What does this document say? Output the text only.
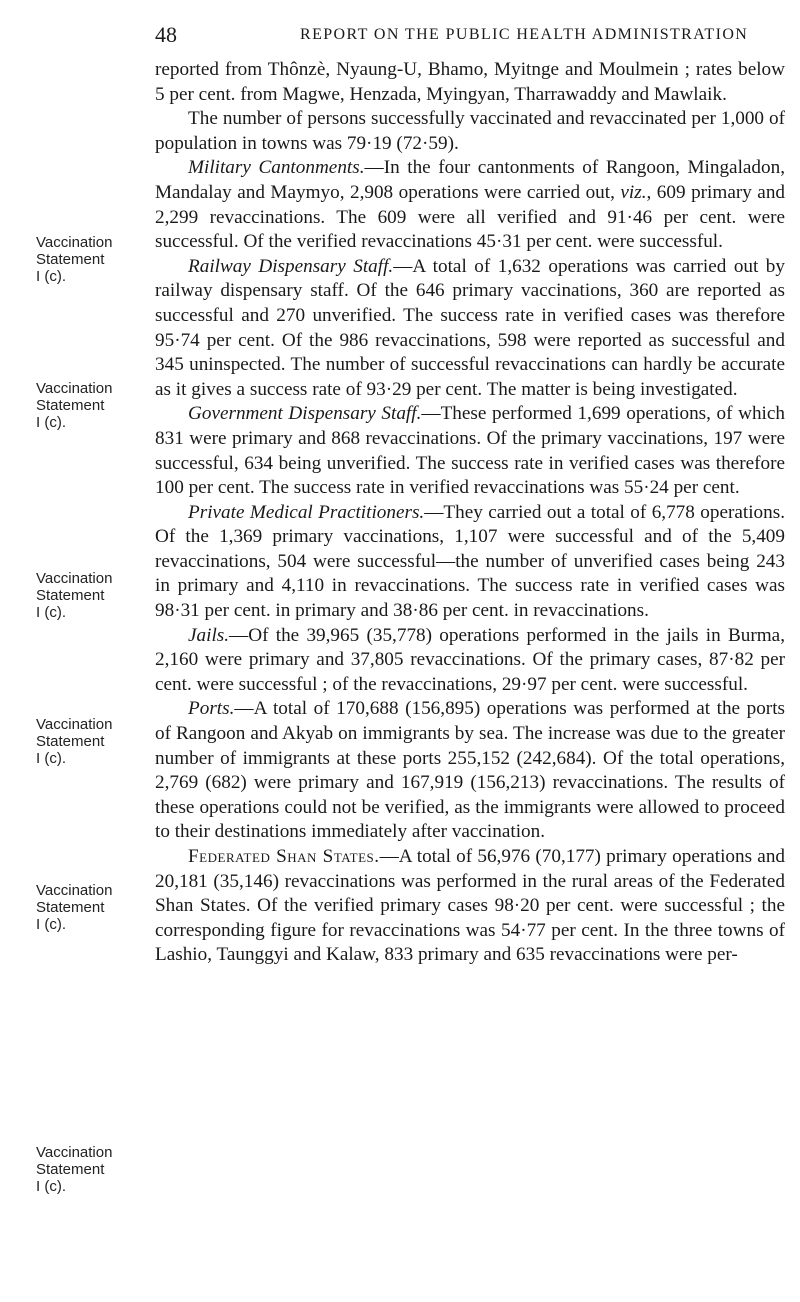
48	REPORT ON THE PUBLIC HEALTH ADMINISTRATION
Vaccination
Statement
I (c).
Vaccination
Statement
I (c).
Vaccination
Statement
I (c).
Vaccination
Statement
I (c).
Vaccination
Statement
I (c).
Vaccination
Statement
I (c).

reported from Thônzè, Nyaung-U, Bhamo, Myitnge and Moulmein ; rates below 5 per cent. from Magwe, Henzada, Myingyan, Tharrawaddy and Mawlaik.

The number of persons successfully vaccinated and revaccinated per 1,000 of population in towns was 79·19 (72·59).

Military Cantonments.—In the four cantonments of Rangoon, Mingaladon, Mandalay and Maymyo, 2,908 operations were carried out, viz., 609 primary and 2,299 revaccinations. The 609 were all verified and 91·46 per cent. were successful. Of the verified revaccinations 45·31 per cent. were successful.

Railway Dispensary Staff.—A total of 1,632 operations was carried out by railway dispensary staff. Of the 646 primary vaccinations, 360 are reported as successful and 270 unverified. The success rate in verified cases was therefore 95·74 per cent. Of the 986 revaccinations, 598 were reported as successful and 345 uninspected. The number of successful revaccinations can hardly be accurate as it gives a success rate of 93·29 per cent. The matter is being investigated.

Government Dispensary Staff.—These performed 1,699 operations, of which 831 were primary and 868 revaccinations. Of the primary vaccinations, 197 were successful, 634 being unverified. The success rate in verified cases was therefore 100 per cent. The success rate in verified revaccinations was 55·24 per cent.

Private Medical Practitioners.—They carried out a total of 6,778 operations. Of the 1,369 primary vaccinations, 1,107 were successful and of the 5,409 revaccinations, 504 were successful—the number of unverified cases being 243 in primary and 4,110 in revaccinations. The success rate in verified cases was 98·31 per cent. in primary and 38·86 per cent. in revaccinations.

Jails.—Of the 39,965 (35,778) operations performed in the jails in Burma, 2,160 were primary and 37,805 revaccinations. Of the primary cases, 87·82 per cent. were successful ; of the revaccinations, 29·97 per cent. were successful.

Ports.—A total of 170,688 (156,895) operations was performed at the ports of Rangoon and Akyab on immigrants by sea. The increase was due to the greater number of immigrants at these ports 255,152 (242,684). Of the total operations, 2,769 (682) were primary and 167,919 (156,213) revaccinations. The results of these operations could not be verified, as the immigrants were allowed to proceed to their destinations immediately after vaccination.

Federated Shan States.—A total of 56,976 (70,177) primary operations and 20,181 (35,146) revaccinations was performed in the rural areas of the Federated Shan States. Of the verified primary cases 98·20 per cent. were successful ; the corresponding figure for revaccinations was 54·77 per cent. In the three towns of Lashio, Taunggyi and Kalaw, 833 primary and 635 revaccinations were per-
